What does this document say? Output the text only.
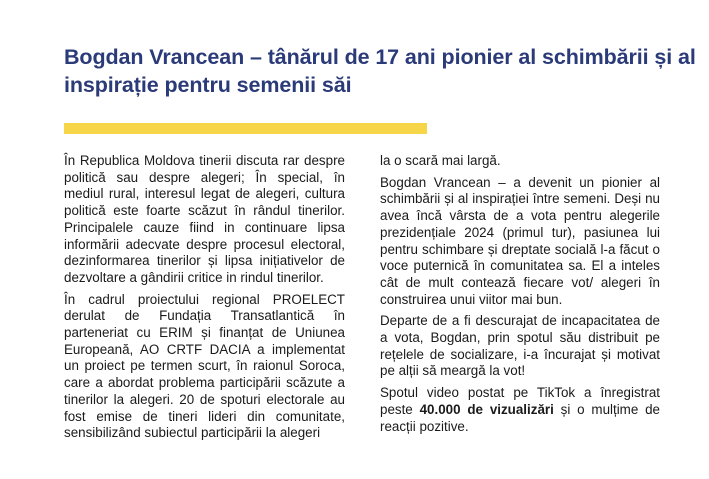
Bogdan Vrancean – tânărul de 17 ani pionier al schimbării și al inspirație pentru semenii săi

În Republica Moldova tinerii discuta rar despre politică sau despre alegeri; În special, în mediul rural, interesul legat de alegeri, cultura politică este foarte scăzut în rândul tinerilor. Principalele cauze fiind in continuare lipsa informării adecvate despre procesul electoral, dezinformarea tinerilor și lipsa inițiativelor de dezvoltare a gândirii critice in rindul tinerilor.

În cadrul proiectului regional PROELECT derulat de Fundația Transatlantică în parteneriat cu ERIM și finanțat de Uniunea Europeană, AO CRTF DACIA a implementat un proiect pe termen scurt, în raionul Soroca, care a abordat problema participării scăzute a tinerilor la alegeri. 20 de spoturi electorale au fost emise de tineri lideri din comunitate, sensibilizând subiectul participării la alegeri

la o scară mai largă.

Bogdan Vrancean – a devenit un pionier al schimbării și al inspirației între semeni. Deși nu avea încă vârsta de a vota pentru alegerile prezidențiale 2024 (primul tur), pasiunea lui pentru schimbare și dreptate socială l-a făcut o voce puternică în comunitatea sa. El a inteles cât de mult contează fiecare vot/ alegeri în construirea unui viitor mai bun.

Departe de a fi descurajat de incapacitatea de a vota, Bogdan, prin spotul său distribuit pe rețelele de socializare, i-a încurajat și motivat pe alții să meargă la vot!

Spotul video postat pe TikTok a înregistrat peste 40.000 de vizualizări și o mulțime de reacții pozitive.
